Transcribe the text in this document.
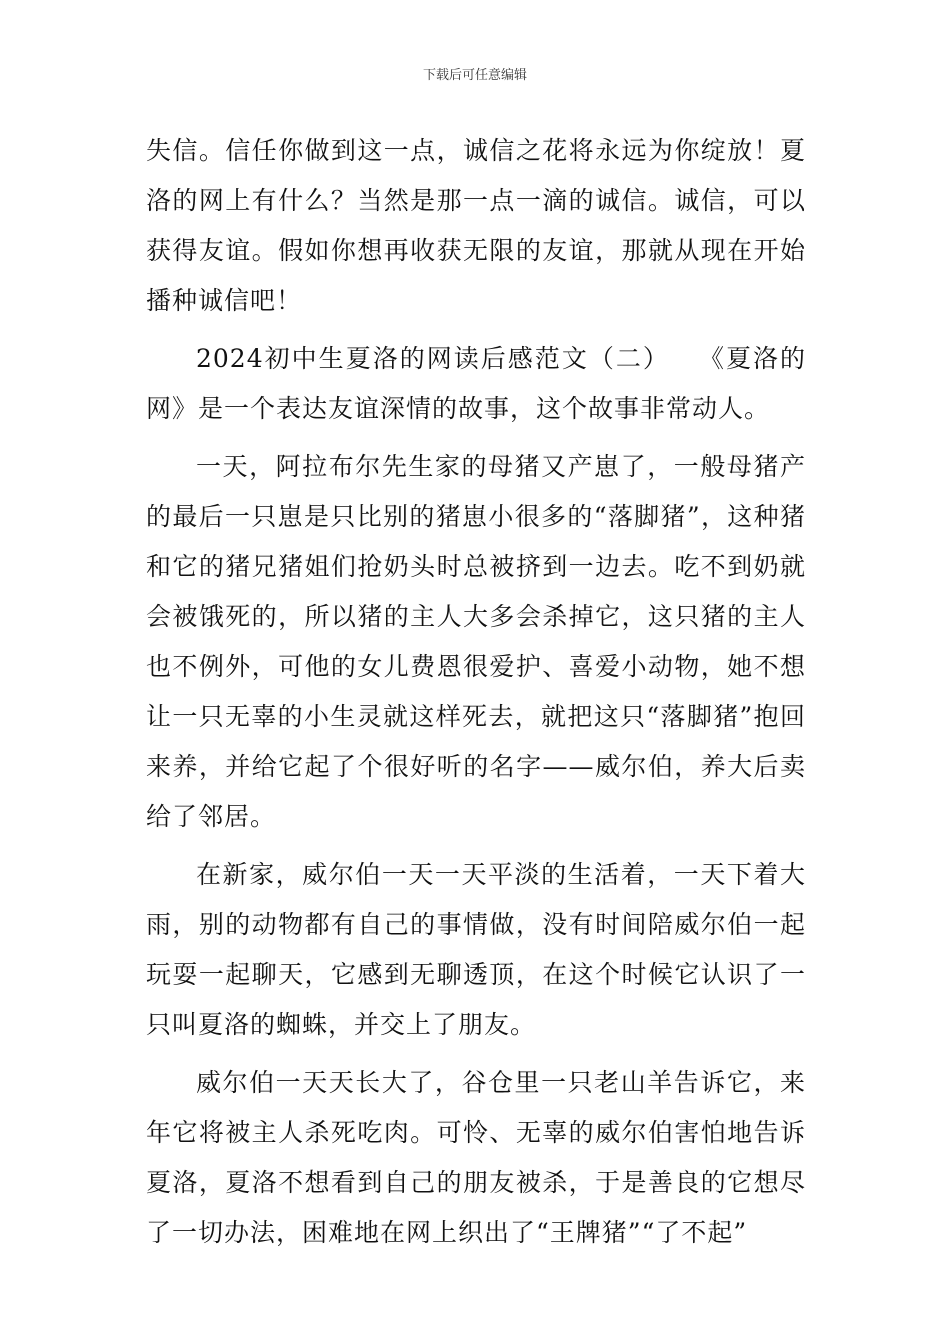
下载后可任意编辑

失信。信任你做到这一点，诚信之花将永远为你绽放！夏洛的网上有什么？当然是那一点一滴的诚信。诚信，可以获得友谊。假如你想再收获无限的友谊，那就从现在开始播种诚信吧！

2024初中生夏洛的网读后感范文（二）　　《夏洛的网》是一个表达友谊深情的故事，这个故事非常动人。

一天，阿拉布尔先生家的母猪又产崽了，一般母猪产的最后一只崽是只比别的猪崽小很多的“落脚猪”，这种猪和它的猪兄猪姐们抢奶头时总被挤到一边去。吃不到奶就会被饿死的，所以猪的主人大多会杀掉它，这只猪的主人也不例外，可他的女儿费恩很爱护、喜爱小动物，她不想让一只无辜的小生灵就这样死去，就把这只“落脚猪”抱回来养，并给它起了个很好听的名字——威尔伯，养大后卖给了邻居。

在新家，威尔伯一天一天平淡的生活着，一天下着大雨，别的动物都有自己的事情做，没有时间陪威尔伯一起玩耍一起聊天，它感到无聊透顶，在这个时候它认识了一只叫夏洛的蜘蛛，并交上了朋友。

威尔伯一天天长大了，谷仓里一只老山羊告诉它，来年它将被主人杀死吃肉。可怜、无辜的威尔伯害怕地告诉夏洛，夏洛不想看到自己的朋友被杀，于是善良的它想尽了一切办法，困难地在网上织出了“王牌猪”“了不起”
